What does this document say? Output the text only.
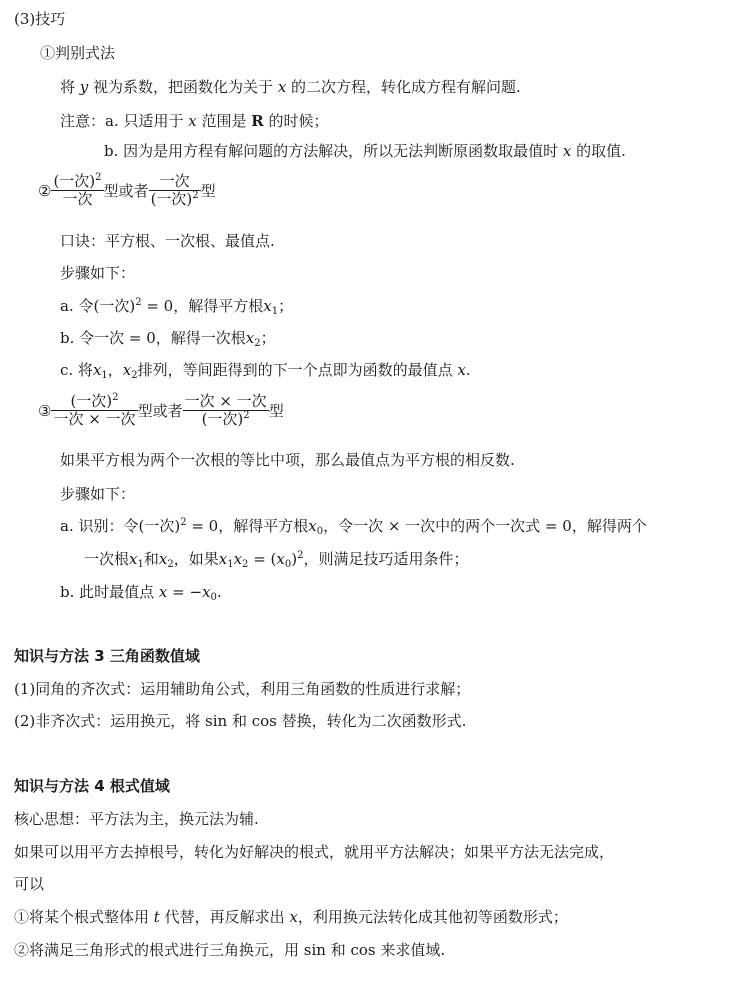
(3)技巧
①判别式法
将 y 视为系数，把函数化为关于 x 的二次方程，转化成方程有解问题.
注意：a. 只适用于 x 范围是 R 的时候；
b. 因为是用方程有解问题的方法解决，所以无法判断原函数取最值时 x 的取值.
②
(一次)$^2$
一次 型或者
一次
(一次)$^2$ 型
口诀：平方根、一次根、最值点.
步骤如下：
a. 令(一次)$^2$ = 0，解得平方根$x_1$；
b. 令一次 = 0，解得一次根$x_2$；
c. 将$x_1$，$x_2$排列，等间距得到的下一个点即为函数的最值点 x.
③
(一次)$^2$
一次 × 一次 型或者
一次 × 一次
(一次)$^2$	型
如果平方根为两个一次根的等比中项，那么最值点为平方根的相反数.
步骤如下：
a. 识别：令(一次)$^2$ = 0，解得平方根$x_0$，令一次 × 一次中的两个一次式 = 0，解得两个
一次根$x_1$和$x_2$，如果$x_1x_2 = (x_0)^2$，则满足技巧适用条件；
b. 此时最值点 $x = -x_0$.
知识与方法 3 三角函数值域
(1)同角的齐次式：运用辅助角公式，利用三角函数的性质进行求解；
(2)非齐次式：运用换元，将 sin 和 cos 替换，转化为二次函数形式.
知识与方法 4 根式值域
核心思想：平方法为主，换元法为辅.
如果可以用平方去掉根号，转化为好解决的根式，就用平方法解决；如果平方法无法完成，
可以
①将某个根式整体用 t 代替，再反解求出 x，利用换元法转化成其他初等函数形式；
②将满足三角形式的根式进行三角换元，用 sin 和 cos 来求值域.
